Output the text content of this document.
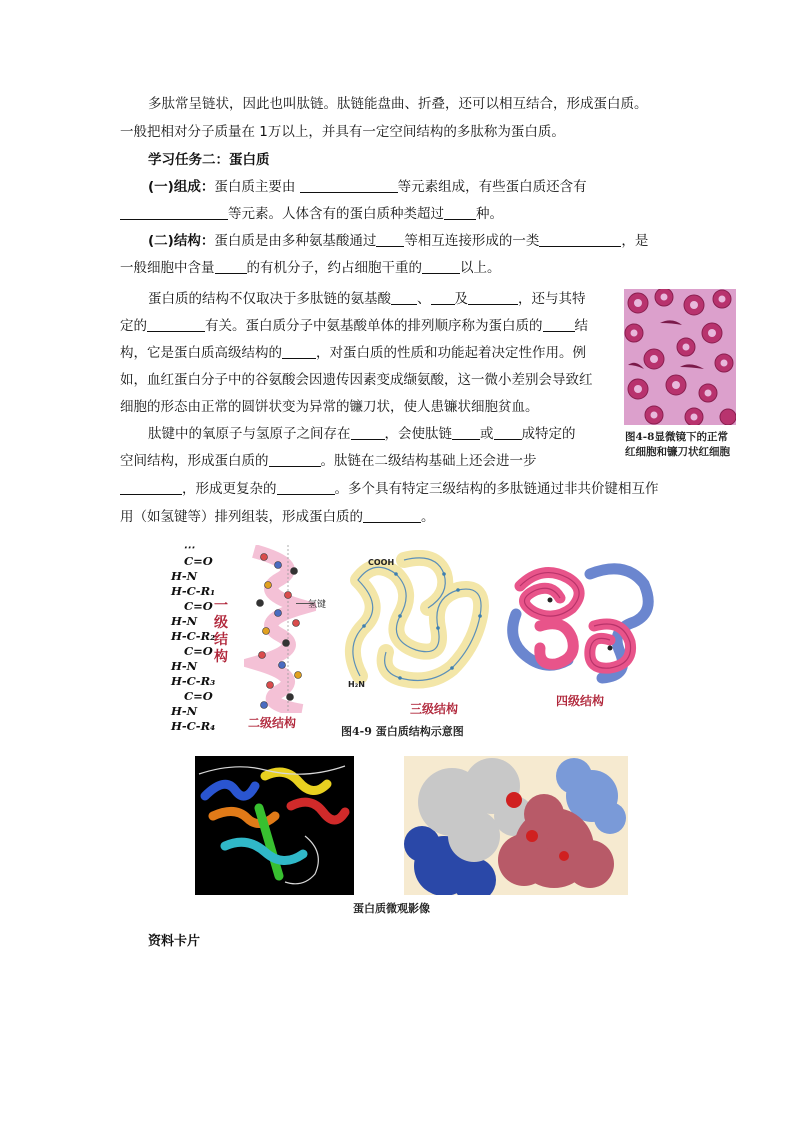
多肽常呈链状，因此也叫肽链。肽链能盘曲、折叠，还可以相互结合，形成蛋白质。
一般把相对分子质量在 1万以上，并具有一定空间结构的多肽称为蛋白质。
学习任务二：蛋白质
(一)组成：蛋白质主要由	等元素组成，有些蛋白质还含有
等元素。人体含有的蛋白质种类超过 种。
(二)结构：蛋白质是由多种氨基酸通过 等相互连接形成的一类	，是
一般细胞中含量 的有机分子，约占细胞干重的	以上。
蛋白质的结构不仅取决于多肽链的氨基酸 、 及	，还与其特
定的	有关。蛋白质分子中氨基酸单体的排列顺序称为蛋白质的 结
构，它是蛋白质高级结构的	，对蛋白质的性质和功能起着决定性作用。例
如，血红蛋白分子中的谷氨酸会因遗传因素变成缬氨酸，这一微小差别会导致红
细胞的形态由正常的圆饼状变为异常的镰刀状，使人患镰状细胞贫血。
肽键中的氧原子与氢原子之间存在	，会使肽链 或 成特定的
空间结构，形成蛋白质的	。肽链在二级结构基础上还会进一步
，形成更复杂的	。多个具有特定三级结构的多肽链通过非共价键相互作
用（如氢键等）排列组装，形成蛋白质的	。
图4-8显微镜下的正常
红细胞和镰刀状红细胞
⋯
C=O
H-N
H-C-R₁
C=O
H-N
H-C-R₂
C=O
H-N
H-C-R₃
C=O
H-N
H-C-R₄
一级结构
氢键
二级结构
COOH
H₂N
三级结构
四级结构
图4-9 蛋白质结构示意图
蛋白质微观影像
资料卡片
